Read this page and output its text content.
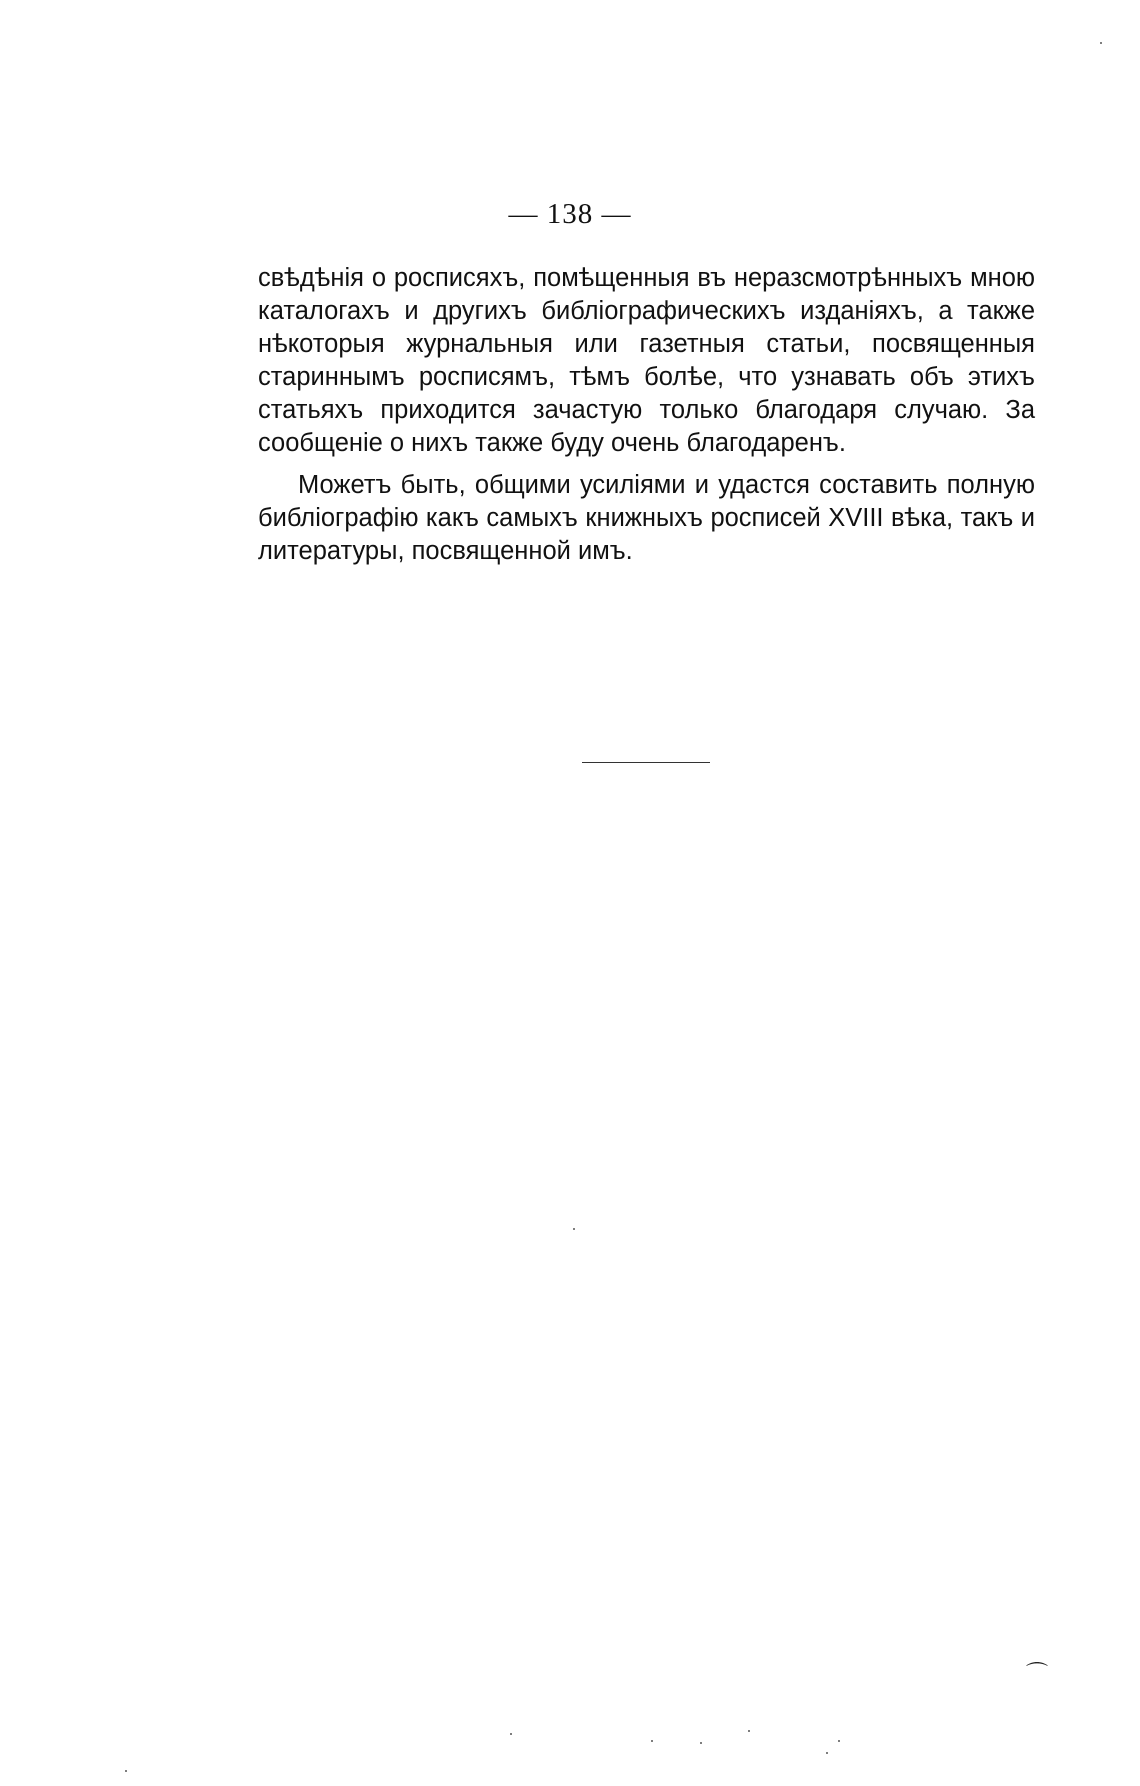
— 138 —

свѣдѣнія о росписяхъ, помѣщенныя въ неразсмотрѣнныхъ мною каталогахъ и другихъ библіографическихъ изданіяхъ, а также нѣкоторыя журнальныя или газетныя статьи, посвященныя стариннымъ росписямъ, тѣмъ болѣе, что узнавать объ этихъ статьяхъ приходится зачастую только благодаря случаю. За сообщеніе о нихъ также буду очень благодаренъ.

Можетъ быть, общими усиліями и удастся составить полную библіографію какъ самыхъ книжныхъ росписей XVIII вѣка, такъ и литературы, посвященной имъ.

⌒
